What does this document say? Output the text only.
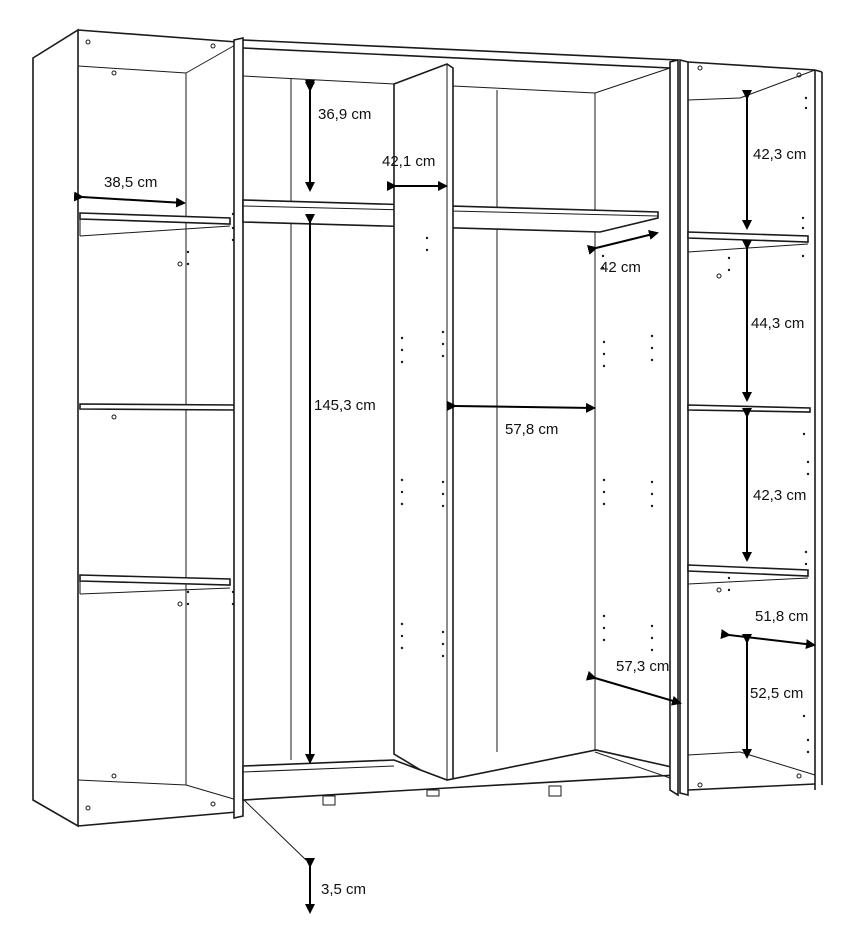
36,9 cm
42,1 cm
38,5 cm
42,3 cm
42 cm
44,3 cm
145,3 cm
57,8 cm
42,3 cm
51,8 cm
57,3 cm
52,5 cm
3,5 cm
